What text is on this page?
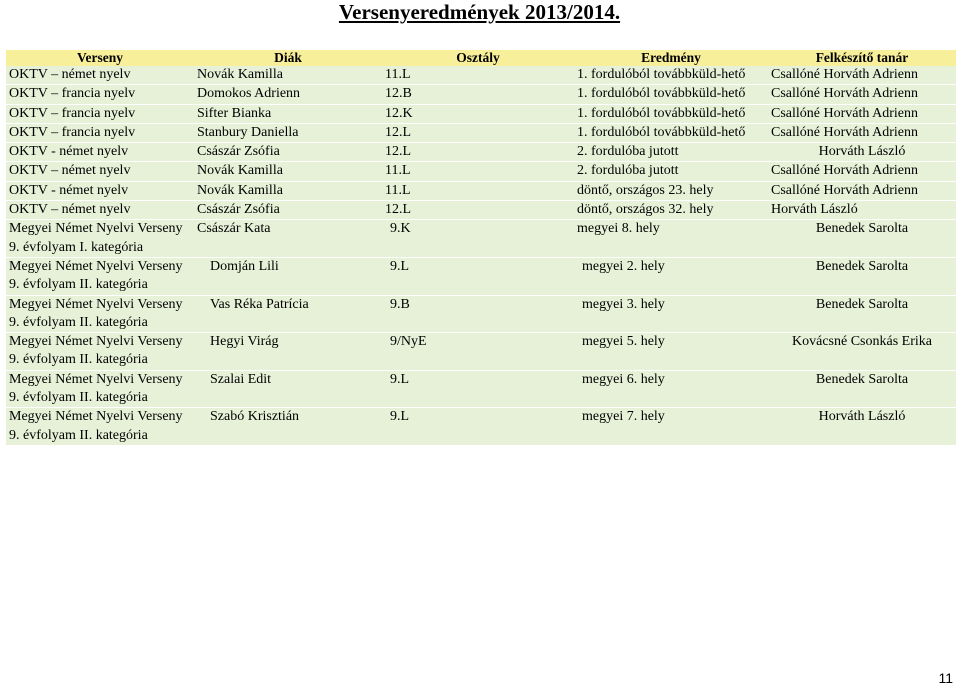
Versenyeredmények 2013/2014.
Verseny	Diák	Osztály	Eredmény	Felkészítő tanár
OKTV – német nyelv	Novák Kamilla	11.L	1. fordulóból továbbküld-hető	Csallóné Horváth Adrienn
OKTV – francia nyelv	Domokos Adrienn	12.B	1. fordulóból továbbküld-hető	Csallóné Horváth Adrienn
OKTV – francia nyelv	Sifter Bianka	12.K	1. fordulóból továbbküld-hető	Csallóné Horváth Adrienn
OKTV – francia nyelv	Stanbury Daniella	12.L	1. fordulóból továbbküld-hető	Csallóné Horváth Adrienn
OKTV - német nyelv	Császár Zsófia	12.L	2. fordulóba jutott	Horváth László
OKTV – német nyelv	Novák Kamilla	11.L	2. fordulóba jutott	Csallóné Horváth Adrienn
OKTV - német nyelv	Novák Kamilla	11.L	döntő, országos 23. hely	Csallóné Horváth Adrienn
OKTV – német nyelv	Császár Zsófia	12.L	döntő, országos 32. hely	Horváth László
Megyei Német Nyelvi Verseny 9. évfolyam I. kategória	Császár Kata	9.K	megyei 8. hely	Benedek Sarolta
Megyei Német Nyelvi Verseny 9. évfolyam II. kategória	Domján Lili	9.L	megyei 2. hely	Benedek Sarolta
Megyei Német Nyelvi Verseny 9. évfolyam II. kategória	Vas Réka Patrícia	9.B	megyei 3. hely	Benedek Sarolta
Megyei Német Nyelvi Verseny 9. évfolyam II. kategória	Hegyi Virág	9/NyE	megyei 5. hely	Kovácsné Csonkás Erika
Megyei Német Nyelvi Verseny 9. évfolyam II. kategória	Szalai Edit	9.L	megyei 6. hely	Benedek Sarolta
Megyei Német Nyelvi Verseny 9. évfolyam II. kategória	Szabó Krisztián	9.L	megyei 7. hely	Horváth László
11
